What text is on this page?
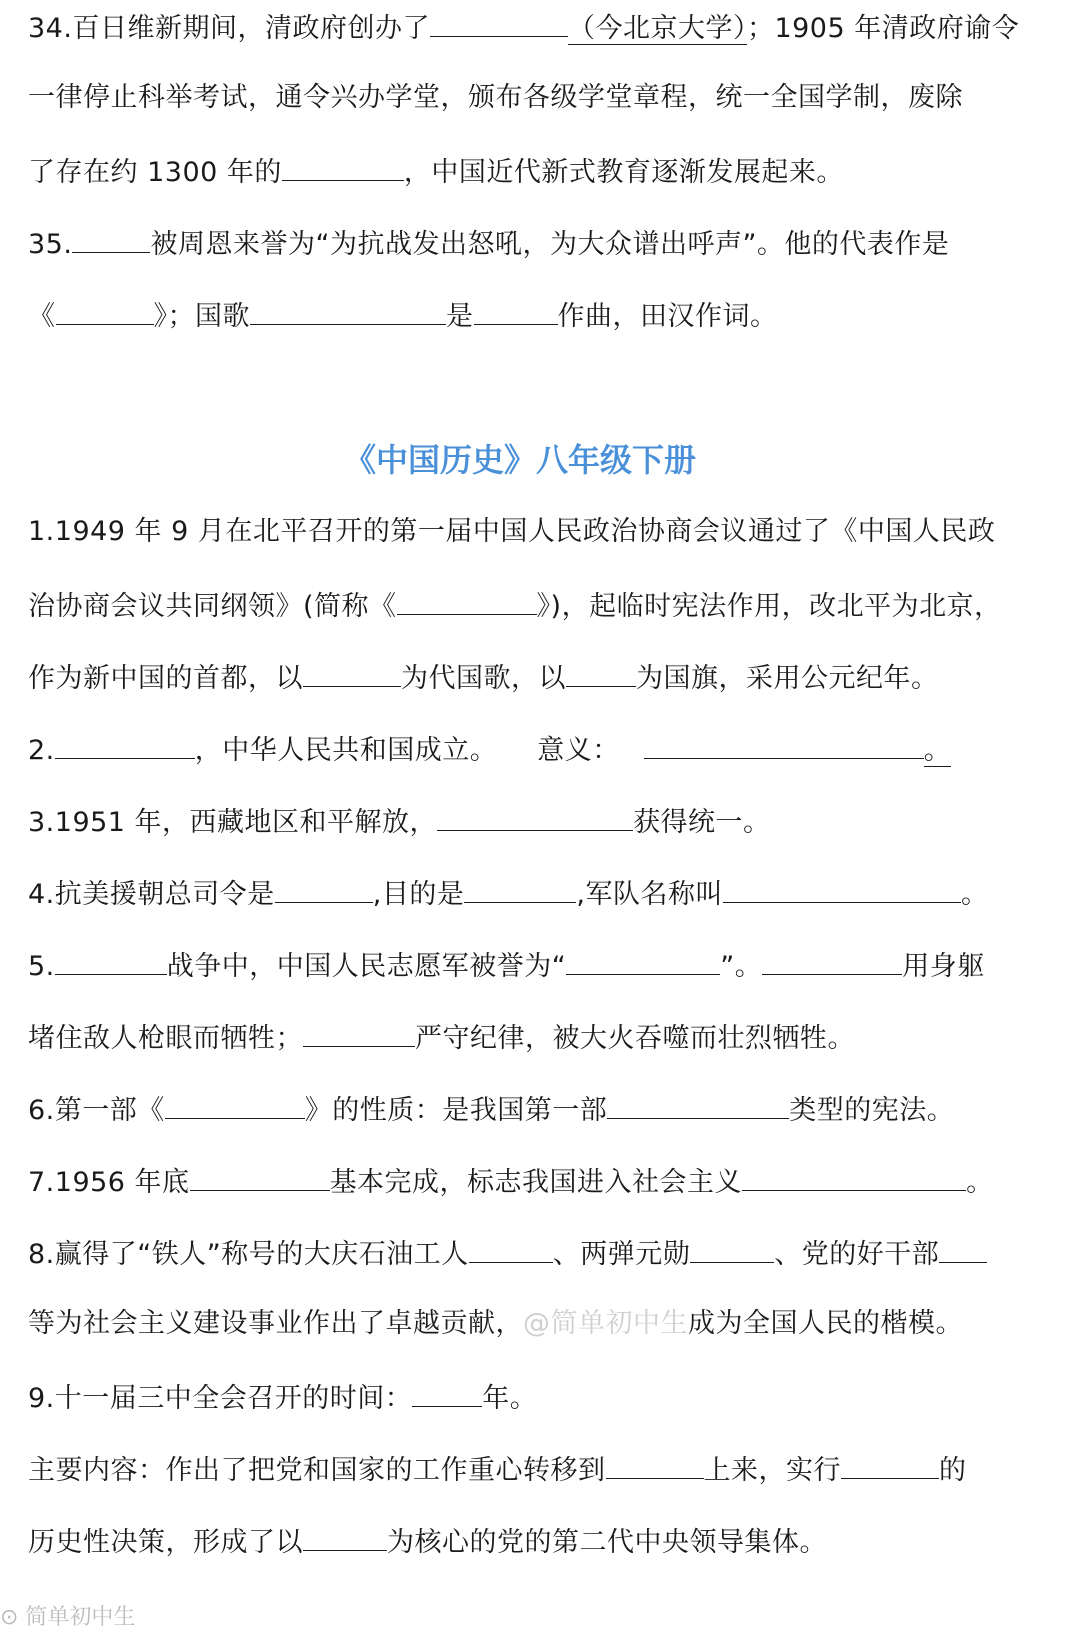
34.百日维新期间，清政府创办了	（今北京大学）；1905 年清政府谕令
一律停止科举考试，通令兴办学堂，颁布各级学堂章程，统一全国学制，废除
了存在约 1300 年的	，中国近代新式教育逐渐发展起来。
35.	被周恩来誉为“为抗战发出怒吼，为大众谱出呼声”。他的代表作是
《	》；国歌	是	作曲，田汉作词。
《中国历史》八年级下册
1.1949 年 9 月在北平召开的第一届中国人民政治协商会议通过了《中国人民政
治协商会议共同纲领》(简称《	》)，起临时宪法作用，改北平为北京，
作为新中国的首都，以	为代国歌，以	为国旗，采用公元纪年。
2.	，中华人民共和国成立。 意义：	。
3.1951 年，西藏地区和平解放，	获得统一。
4.抗美援朝总司令是	,目的是	,军队名称叫	。
5.	战争中，中国人民志愿军被誉为“	”。	用身躯
堵住敌人枪眼而牺牲；	严守纪律，被大火吞噬而壮烈牺牲。
6.第一部《	》的性质：是我国第一部	类型的宪法。
7.1956 年底	基本完成，标志我国进入社会主义	。
8.赢得了“铁人”称号的大庆石油工人	、两弹元勋	、党的好干部
等为社会主义建设事业作出了卓越贡献，@简单初中生成为全国人民的楷模。
9.十一届三中全会召开的时间：	年。
主要内容：作出了把党和国家的工作重心转移到	上来，实行	的
历史性决策，形成了以	为核心的党的第二代中央领导集体。
⊙ 简单初中生
